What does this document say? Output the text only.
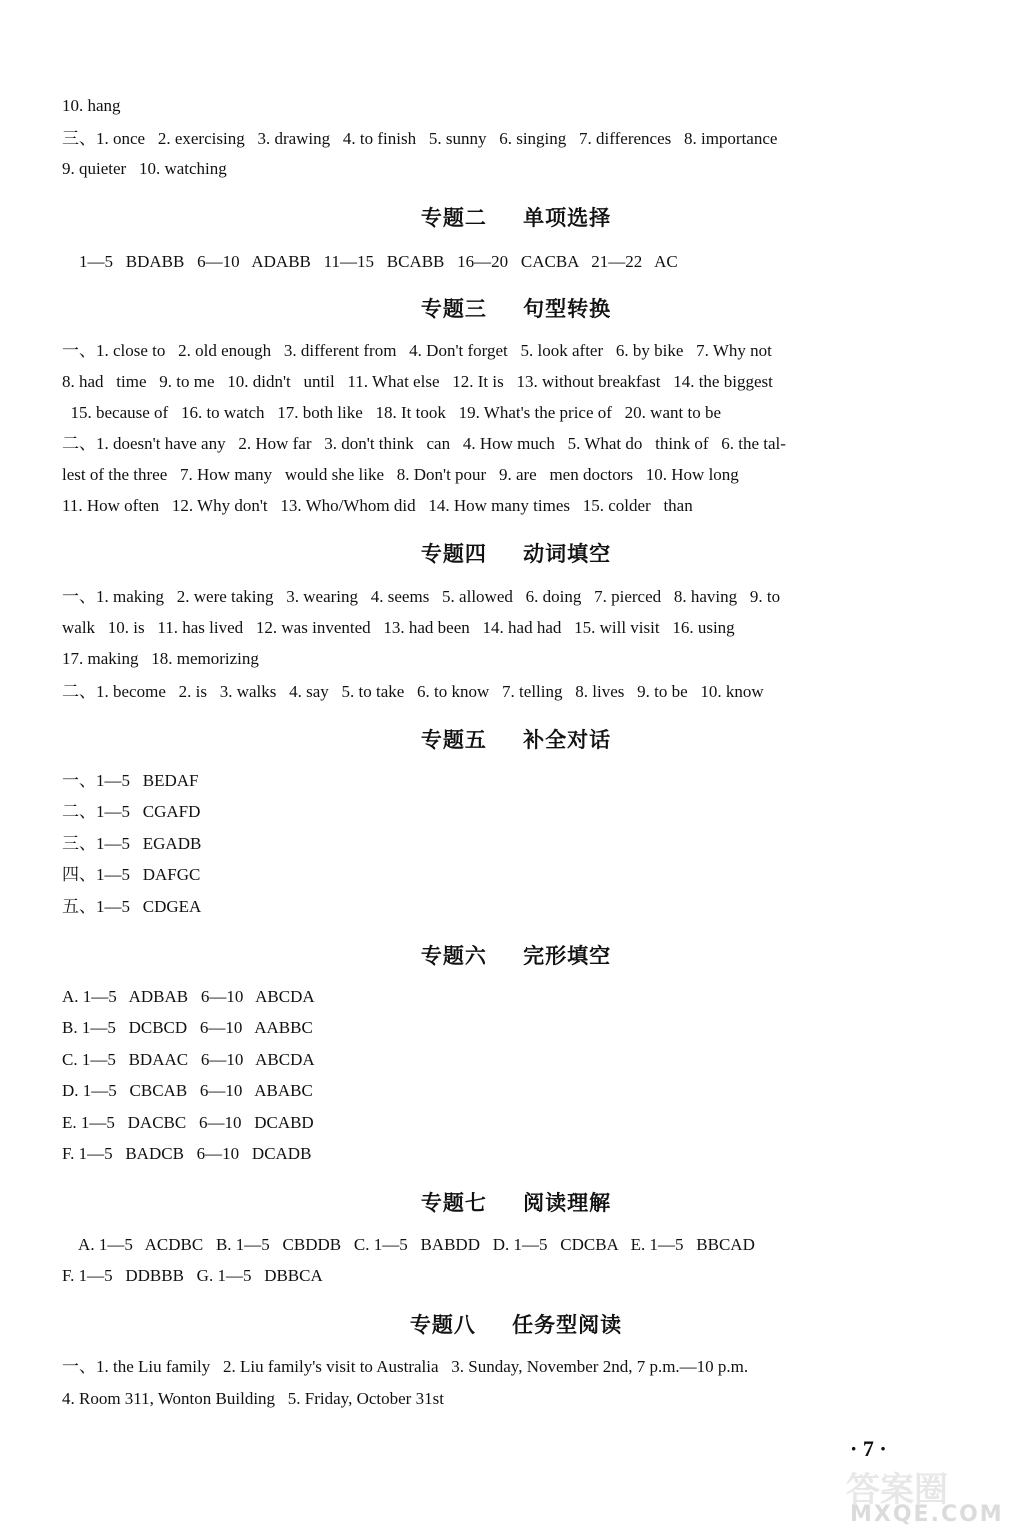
10. hang
三、1. once   2. exercising   3. drawing   4. to finish   5. sunny   6. singing   7. differences   8. importance
9. quieter   10. watching
专题二 单项选择
1—5   BDABB   6—10   ADABB   11—15   BCABB   16—20   CACBA   21—22   AC
专题三 句型转换
一、1. close to   2. old enough   3. different from   4. Don't forget   5. look after   6. by bike   7. Why not
8. had   time   9. to me   10. didn't   until   11. What else   12. It is   13. without breakfast   14. the biggest
15. because of   16. to watch   17. both like   18. It took   19. What's the price of   20. want to be
二、1. doesn't have any   2. How far   3. don't think   can   4. How much   5. What do   think of   6. the tal-
lest of the three   7. How many   would she like   8. Don't pour   9. are   men doctors   10. How long
11. How often   12. Why don't   13. Who/Whom did   14. How many times   15. colder   than
专题四 动词填空
一、1. making   2. were taking   3. wearing   4. seems   5. allowed   6. doing   7. pierced   8. having   9. to
walk   10. is   11. has lived   12. was invented   13. had been   14. had had   15. will visit   16. using
17. making   18. memorizing
二、1. become   2. is   3. walks   4. say   5. to take   6. to know   7. telling   8. lives   9. to be   10. know
专题五 补全对话
一、1—5   BEDAF
二、1—5   CGAFD
三、1—5   EGADB
四、1—5   DAFGC
五、1—5   CDGEA
专题六 完形填空
A. 1—5   ADBAB   6—10   ABCDA
B. 1—5   DCBCD   6—10   AABBC
C. 1—5   BDAAC   6—10   ABCDA
D. 1—5   CBCAB   6—10   ABABC
E. 1—5   DACBC   6—10   DCABD
F. 1—5   BADCB   6—10   DCADB
专题七 阅读理解
A. 1—5   ACDBC   B. 1—5   CBDDB   C. 1—5   BABDD   D. 1—5   CDCBA   E. 1—5   BBCAD
F. 1—5   DDBBB   G. 1—5   DBBCA
专题八 任务型阅读
一、1. the Liu family   2. Liu family's visit to Australia   3. Sunday, November 2nd, 7 p.m.—10 p.m.
4. Room 311, Wonton Building   5. Friday, October 31st
· 7 ·
答案圈
MXQE.COM
